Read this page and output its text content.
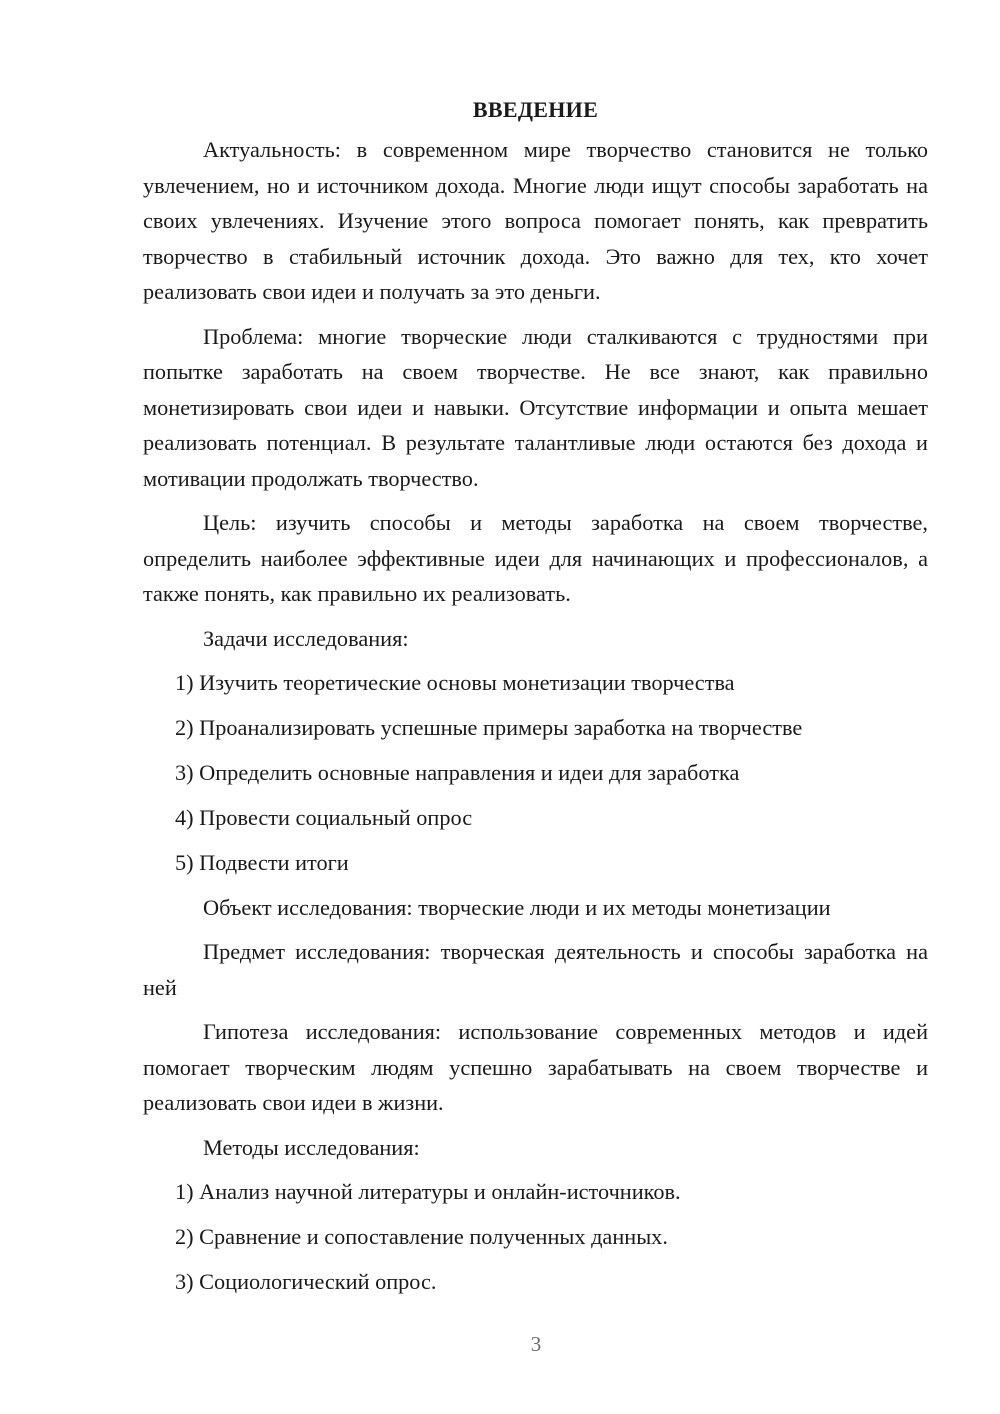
ВВЕДЕНИЕ

Актуальность: в современном мире творчество становится не только увлечением, но и источником дохода. Многие люди ищут способы заработать на своих увлечениях. Изучение этого вопроса помогает понять, как превратить творчество в стабильный источник дохода. Это важно для тех, кто хочет реализовать свои идеи и получать за это деньги.

Проблема: многие творческие люди сталкиваются с трудностями при попытке заработать на своем творчестве. Не все знают, как правильно монетизировать свои идеи и навыки. Отсутствие информации и опыта мешает реализовать потенциал. В результате талантливые люди остаются без дохода и мотивации продолжать творчество.

Цель: изучить способы и методы заработка на своем творчестве, определить наиболее эффективные идеи для начинающих и профессионалов, а также понять, как правильно их реализовать.

Задачи исследования:
1) Изучить теоретические основы монетизации творчества
2) Проанализировать успешные примеры заработка на творчестве
3) Определить основные направления и идеи для заработка
4) Провести социальный опрос
5) Подвести итоги

Объект исследования: творческие люди и их методы монетизации

Предмет исследования: творческая деятельность и способы заработка на ней

Гипотеза исследования: использование современных методов и идей помогает творческим людям успешно зарабатывать на своем творчестве и реализовать свои идеи в жизни.

Методы исследования:
1) Анализ научной литературы и онлайн-источников.
2) Сравнение и сопоставление полученных данных.
3) Социологический опрос.
3
